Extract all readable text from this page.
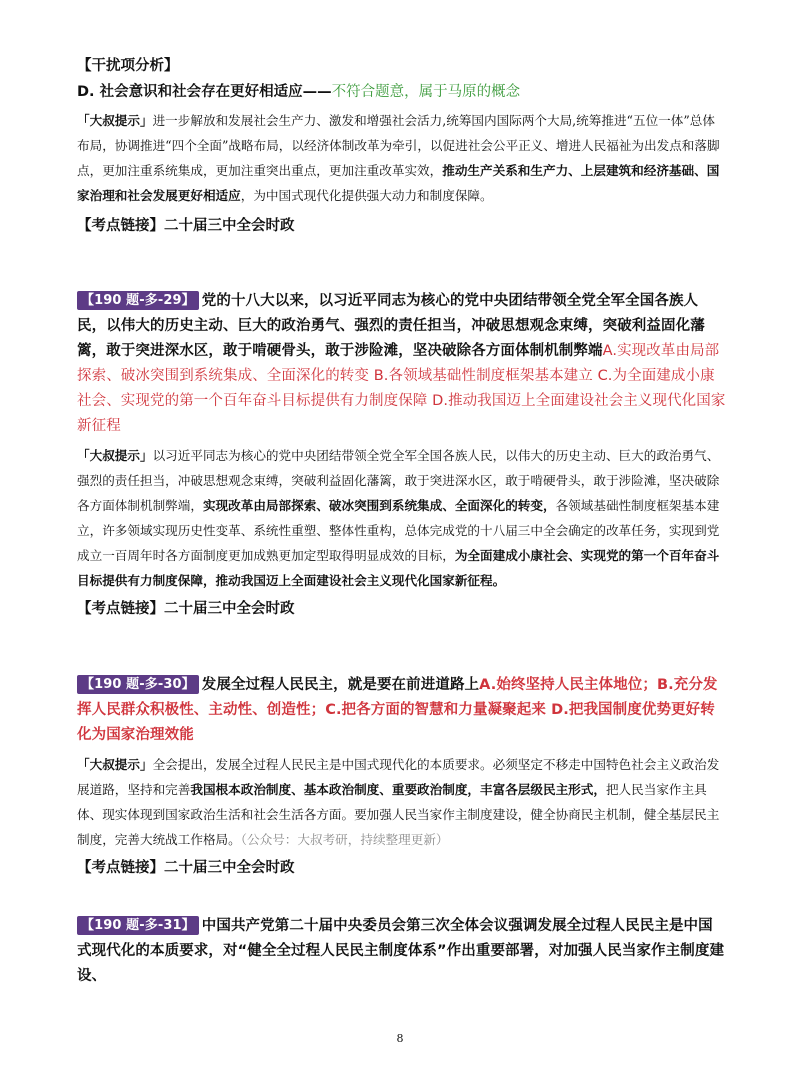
【干扰项分析】
D. 社会意识和社会存在更好相适应——不符合题意，属于马原的概念
「大叔提示」进一步解放和发展社会生产力、激发和增强社会活力,统筹国内国际两个大局,统筹推进“五位一体”总体布局，协调推进“四个全面”战略布局，以经济体制改革为牵引，以促进社会公平正义、增进人民福祉为出发点和落脚点，更加注重系统集成，更加注重突出重点，更加注重改革实效，推动生产关系和生产力、上层建筑和经济基础、国家治理和社会发展更好相适应，为中国式现代化提供强大动力和制度保障。
【考点链接】二十届三中全会时政
【190 题-多-29】 党的十八大以来，以习近平同志为核心的党中央团结带领全党全军全国各族人民，以伟大的历史主动、巨大的政治勇气、强烈的责任担当，冲破思想观念束缚，突破利益固化藩篱，敢于突进深水区，敢于啃硬骨头，敢于涉险滩，坚决破除各方面体制机制弊端A.实现改革由局部探索、破冰突围到系统集成、全面深化的转变 B.各领域基础性制度框架基本建立 C.为全面建成小康社会、实现党的第一个百年奋斗目标提供有力制度保障 D.推动我国迈上全面建设社会主义现代化国家新征程
「大叔提示」以习近平同志为核心的党中央团结带领全党全军全国各族人民，以伟大的历史主动、巨大的政治勇气、强烈的责任担当，冲破思想观念束缚，突破利益固化藩篱，敢于突进深水区，敢于啃硬骨头，敢于涉险滩，坚决破除各方面体制机制弊端，实现改革由局部探索、破冰突围到系统集成、全面深化的转变，各领域基础性制度框架基本建立，许多领域实现历史性变革、系统性重塑、整体性重构，总体完成党的十八届三中全会确定的改革任务，实现到党成立一百周年时各方面制度更加成熟更加定型取得明显成效的目标，为全面建成小康社会、实现党的第一个百年奋斗目标提供有力制度保障，推动我国迈上全面建设社会主义现代化国家新征程。
【考点链接】二十届三中全会时政
【190 题-多-30】 发展全过程人民民主，就是要在前进道路上A.始终坚持人民主体地位；B.充分发挥人民群众积极性、主动性、创造性；C.把各方面的智慧和力量凝聚起来 D.把我国制度优势更好转化为国家治理效能
「大叔提示」全会提出，发展全过程人民民主是中国式现代化的本质要求。必须坚定不移走中国特色社会主义政治发展道路，坚持和完善我国根本政治制度、基本政治制度、重要政治制度，丰富各层级民主形式，把人民当家作主具体、现实体现到国家政治生活和社会生活各方面。要加强人民当家作主制度建设，健全协商民主机制，健全基层民主制度，完善大统战工作格局。（公众号：大叔考研，持续整理更新）
【考点链接】二十届三中全会时政
【190 题-多-31】 中国共产党第二十届中央委员会第三次全体会议强调发展全过程人民民主是中国式现代化的本质要求，对“健全全过程人民民主制度体系”作出重要部署，对加强人民当家作主制度建设、
8
